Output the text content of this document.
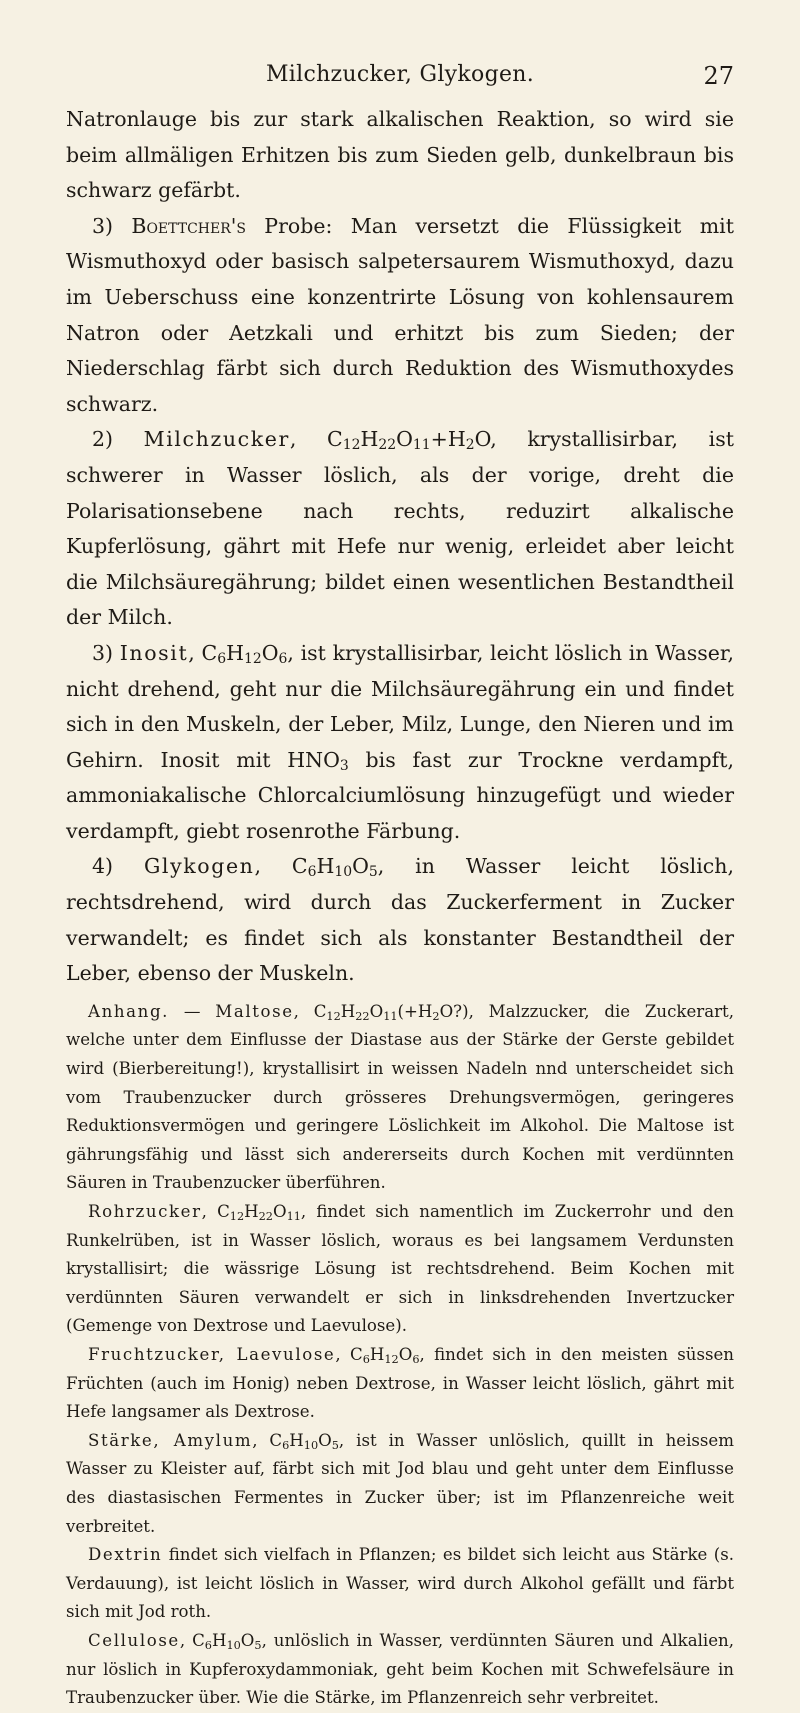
Milchzucker, Glykogen.	27

Natronlauge bis zur stark alkalischen Reaktion, so wird sie beim allmäligen Erhitzen bis zum Sieden gelb, dunkelbraun bis schwarz gefärbt.

3) Boettcher's Probe: Man versetzt die Flüssigkeit mit Wismuthoxyd oder basisch salpetersaurem Wismuthoxyd, dazu im Ueberschuss eine konzentrirte Lösung von kohlensaurem Natron oder Aetzkali und erhitzt bis zum Sieden; der Niederschlag färbt sich durch Reduktion des Wismuthoxydes schwarz.

2) Milchzucker, $C_{12}H_{22}O_{11}+H_2O$, krystallisirbar, ist schwerer in Wasser löslich, als der vorige, dreht die Polarisationsebene nach rechts, reduzirt alkalische Kupferlösung, gährt mit Hefe nur wenig, erleidet aber leicht die Milchsäuregährung; bildet einen wesentlichen Bestandtheil der Milch.

3) Inosit, $C_6H_{12}O_6$, ist krystallisirbar, leicht löslich in Wasser, nicht drehend, geht nur die Milchsäuregährung ein und findet sich in den Muskeln, der Leber, Milz, Lunge, den Nieren und im Gehirn. Inosit mit $HNO_3$ bis fast zur Trockne verdampft, ammoniakalische Chlorcalciumlösung hinzugefügt und wieder verdampft, giebt rosenrothe Färbung.

4) Glykogen, $C_6H_{10}O_5$, in Wasser leicht löslich, rechtsdrehend, wird durch das Zuckerferment in Zucker verwandelt; es findet sich als konstanter Bestandtheil der Leber, ebenso der Muskeln.

Anhang. — Maltose, $C_{12}H_{22}O_{11}(+H_2O?)$, Malzzucker, die Zuckerart, welche unter dem Einflusse der Diastase aus der Stärke der Gerste gebildet wird (Bierbereitung!), krystallisirt in weissen Nadeln nnd unterscheidet sich vom Traubenzucker durch grösseres Drehungsvermögen, geringeres Reduktionsvermögen und geringere Löslichkeit im Alkohol. Die Maltose ist gährungsfähig und lässt sich andererseits durch Kochen mit verdünnten Säuren in Traubenzucker überführen.

Rohrzucker, $C_{12}H_{22}O_{11}$, findet sich namentlich im Zuckerrohr und den Runkelrüben, ist in Wasser löslich, woraus es bei langsamem Verdunsten krystallisirt; die wässrige Lösung ist rechtsdrehend. Beim Kochen mit verdünnten Säuren verwandelt er sich in linksdrehenden Invertzucker (Gemenge von Dextrose und Laevulose).

Fruchtzucker, Laevulose, $C_6H_{12}O_6$, findet sich in den meisten süssen Früchten (auch im Honig) neben Dextrose, in Wasser leicht löslich, gährt mit Hefe langsamer als Dextrose.

Stärke, Amylum, $C_6H_{10}O_5$, ist in Wasser unlöslich, quillt in heissem Wasser zu Kleister auf, färbt sich mit Jod blau und geht unter dem Einflusse des diastasischen Fermentes in Zucker über; ist im Pflanzenreiche weit verbreitet.

Dextrin findet sich vielfach in Pflanzen; es bildet sich leicht aus Stärke (s. Verdauung), ist leicht löslich in Wasser, wird durch Alkohol gefällt und färbt sich mit Jod roth.

Cellulose, $C_6H_{10}O_5$, unlöslich in Wasser, verdünnten Säuren und Alkalien, nur löslich in Kupferoxydammoniak, geht beim Kochen mit Schwefelsäure in Traubenzucker über. Wie die Stärke, im Pflanzenreich sehr verbreitet.
